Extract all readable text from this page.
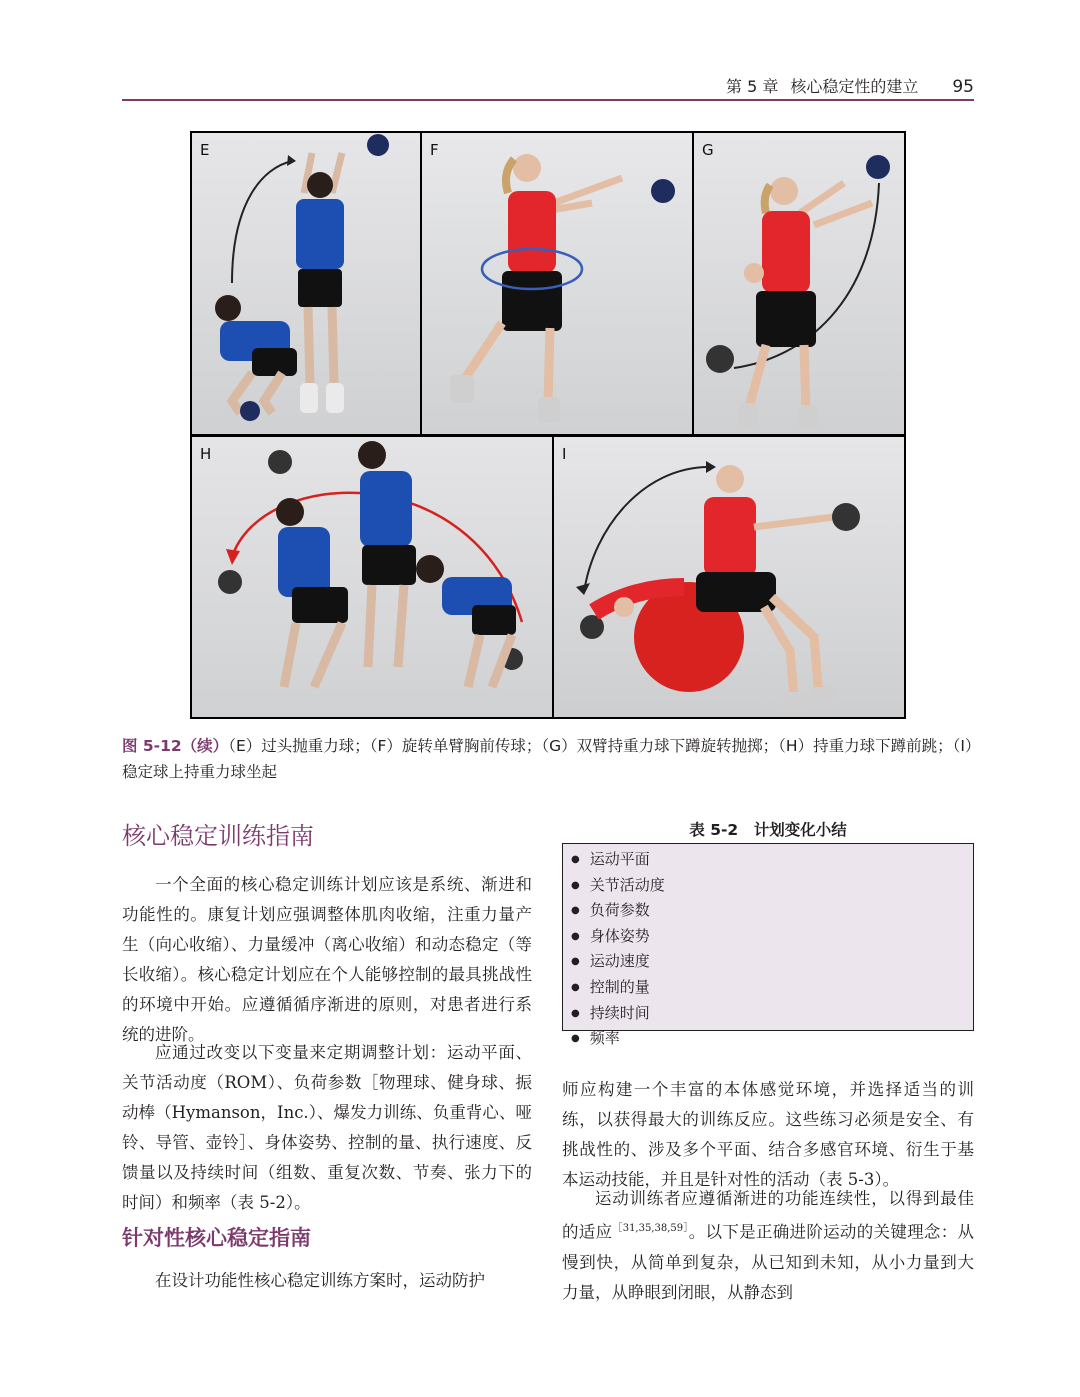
第 5 章 核心稳定性的建立 95
E	F	G
H	I
图 5-12（续）（E）过头抛重力球；（F）旋转单臂胸前传球；（G）双臂持重力球下蹲旋转抛掷；（H）持重力球下蹲前跳；（I）稳定球上持重力球坐起
核心稳定训练指南

一个全面的核心稳定训练计划应该是系统、渐进和功能性的。康复计划应强调整体肌肉收缩，注重力量产生（向心收缩）、力量缓冲（离心收缩）和动态稳定（等长收缩）。核心稳定计划应在个人能够控制的最具挑战性的环境中开始。应遵循循序渐进的原则，对患者进行系统的进阶。

应通过改变以下变量来定期调整计划：运动平面、关节活动度（ROM）、负荷参数［物理球、健身球、振动棒（Hymanson，Inc.）、爆发力训练、负重背心、哑铃、导管、壶铃］、身体姿势、控制的量、执行速度、反馈量以及持续时间（组数、重复次数、节奏、张力下的时间）和频率（表 5-2）。

针对性核心稳定指南

在设计功能性核心稳定训练方案时，运动防护

表 5-2　计划变化小结
● 运动平面
● 关节活动度
● 负荷参数
● 身体姿势
● 运动速度
● 控制的量
● 持续时间
● 频率

师应构建一个丰富的本体感觉环境，并选择适当的训练，以获得最大的训练反应。这些练习必须是安全、有挑战性的、涉及多个平面、结合多感官环境、衍生于基本运动技能，并且是针对性的活动（表 5-3）。

运动训练者应遵循渐进的功能连续性，以得到最佳的适应$^{[31,35,38,59]}$。以下是正确进阶运动的关键理念：从慢到快，从简单到复杂，从已知到未知，从小力量到大力量，从睁眼到闭眼，从静态到
